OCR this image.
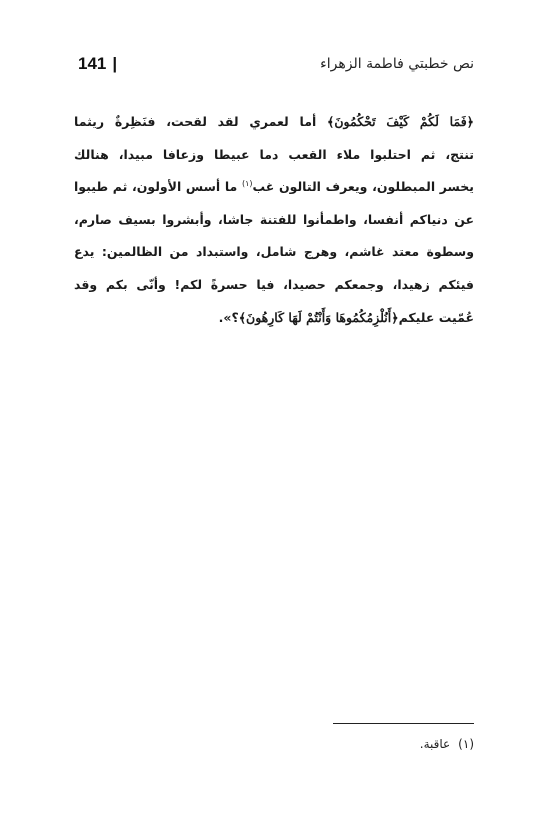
141 |	نص خطبتي فاطمة الزهراء
﴿فَمَا لَكُمْ كَيْفَ تَحْكُمُونَ﴾ أما لعمري لقد لقحت، فنَظِرةٌ ريثما
تنتج، ثم احتلبوا ملاء القعب دما عبيطا وزعافا مبيدا، هنالك
يخسر المبطلون، ويعرف التالون غب$^{(١)}$ ما أسس الأولون، ثم طيبوا
عن دنياكم أنفسا، واطمأنوا للفتنة جاشا، وأبشروا بسيف صارم،
وسطوة معتد غاشم، وهرج شامل، واستبداد من الظالمين: يدع
فيئكم زهيدا، وجمعكم حصيدا، فيا حسرةً لكم! وأنّى بكم وقد
عُمّيت عليكم﴿أَنُلْزِمُكُمُوهَا وَأَنْتُمْ لَهَا كَارِهُونَ﴾؟».
(١)عاقبة.
